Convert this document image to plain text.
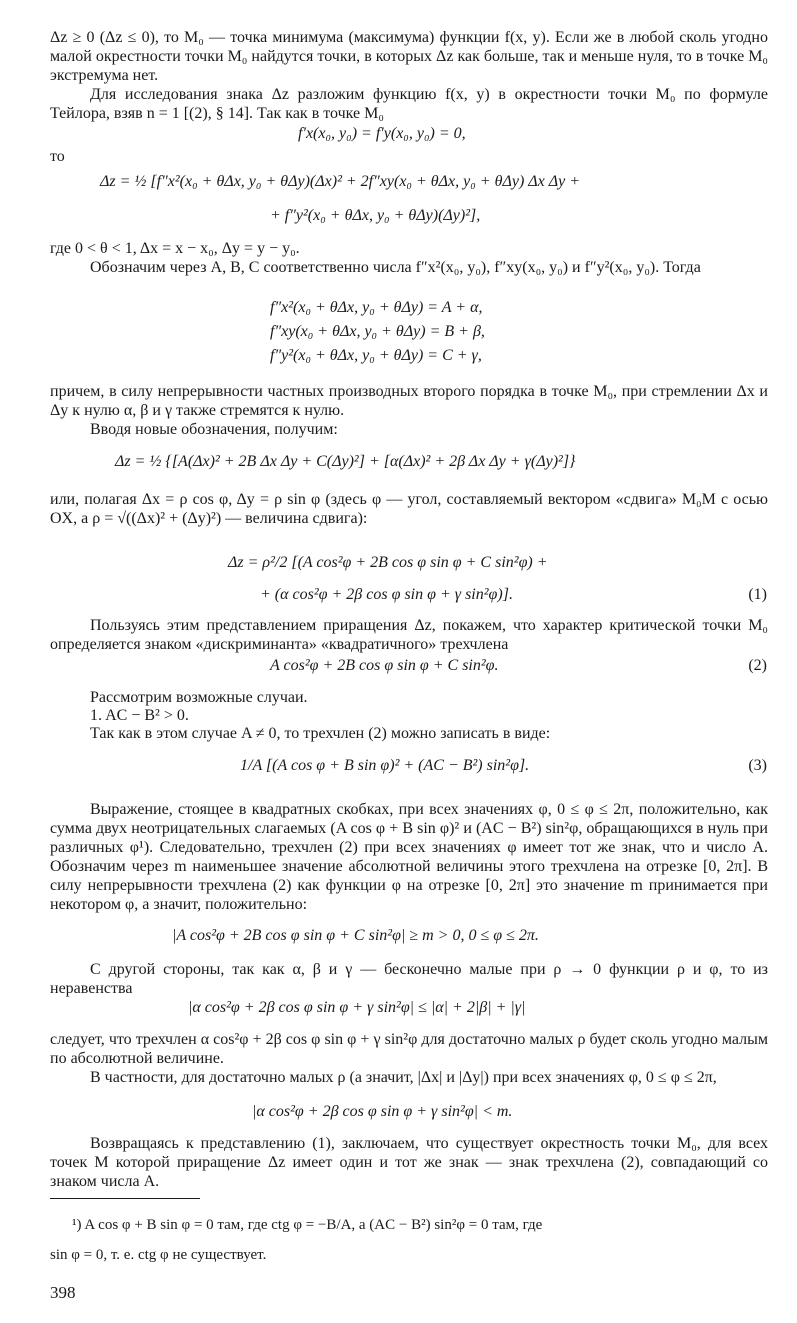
Δz ≥ 0 (Δz ≤ 0), то M₀ — точка минимума (максимума) функции f(x, y). Если же в любой сколь угодно малой окрестности точки M₀ найдутся точки, в которых Δz как больше, так и меньше нуля, то в точке M₀ экстремума нет.

Для исследования знака Δz разложим функцию f(x, y) в окрестности точки M₀ по формуле Тейлора, взяв n = 1 [(2), § 14]. Так как в точке M₀

f′x(x₀, y₀) = f′y(x₀, y₀) = 0,
то
Δz = ½ [f″x²(x₀ + θΔx, y₀ + θΔy)(Δx)² + 2f″xy(x₀ + θΔx, y₀ + θΔy) Δx Δy +
+ f″y²(x₀ + θΔx, y₀ + θΔy)(Δy)²],
где 0 < θ < 1, Δx = x − x₀, Δy = y − y₀.

Обозначим через A, B, C соответственно числа f″x²(x₀, y₀), f″xy(x₀, y₀) и f″y²(x₀, y₀). Тогда

f″x²(x₀ + θΔx, y₀ + θΔy) = A + α,
f″xy(x₀ + θΔx, y₀ + θΔy) = B + β,
f″y²(x₀ + θΔx, y₀ + θΔy) = C + γ,

причем, в силу непрерывности частных производных второго порядка в точке M₀, при стремлении Δx и Δy к нулю α, β и γ также стремятся к нулю.

Вводя новые обозначения, получим:

Δz = ½ {[A(Δx)² + 2B Δx Δy + C(Δy)²] + [α(Δx)² + 2β Δx Δy + γ(Δy)²]}

или, полагая Δx = ρ cos φ, Δy = ρ sin φ (здесь φ — угол, составляемый вектором «сдвига» M₀M с осью OX, а ρ = √((Δx)² + (Δy)²) — величина сдвига):

Δz = ρ²/2 [(A cos²φ + 2B cos φ sin φ + C sin²φ) +
+ (α cos²φ + 2β cos φ sin φ + γ sin²φ)].	(1)

Пользуясь этим представлением приращения Δz, покажем, что характер критической точки M₀ определяется знаком «дискриминанта» «квадратичного» трехчлена

A cos²φ + 2B cos φ sin φ + C sin²φ.	(2)
Рассмотрим возможные случаи.
1. AC − B² > 0.
Так как в этом случае A ≠ 0, то трехчлен (2) можно записать в виде:
1/A [(A cos φ + B sin φ)² + (AC − B²) sin²φ].	(3)

Выражение, стоящее в квадратных скобках, при всех значениях φ, 0 ≤ φ ≤ 2π, положительно, как сумма двух неотрицательных слагаемых (A cos φ + B sin φ)² и (AC − B²) sin²φ, обращающихся в нуль при различных φ¹). Следовательно, трехчлен (2) при всех значениях φ имеет тот же знак, что и число A. Обозначим через m наименьшее значение абсолютной величины этого трехчлена на отрезке [0, 2π]. В силу непрерывности трехчлена (2) как функции φ на отрезке [0, 2π] это значение m принимается при некотором φ, а значит, положительно:

|A cos²φ + 2B cos φ sin φ + C sin²φ| ≥ m > 0, 0 ≤ φ ≤ 2π.

С другой стороны, так как α, β и γ — бесконечно малые при ρ → 0 функции ρ и φ, то из неравенства

|α cos²φ + 2β cos φ sin φ + γ sin²φ| ≤ |α| + 2|β| + |γ|

следует, что трехчлен α cos²φ + 2β cos φ sin φ + γ sin²φ для достаточно малых ρ будет сколь угодно малым по абсолютной величине.

В частности, для достаточно малых ρ (а значит, |Δx| и |Δy|) при всех значениях φ, 0 ≤ φ ≤ 2π,

|α cos²φ + 2β cos φ sin φ + γ sin²φ| < m.

Возвращаясь к представлению (1), заключаем, что существует окрестность точки M₀, для всех точек M которой приращение Δz имеет один и тот же знак — знак трехчлена (2), совпадающий со знаком числа A.

¹) A cos φ + B sin φ = 0 там, где ctg φ = −B/A, а (AC − B²) sin²φ = 0 там, где
sin φ = 0, т. е. ctg φ не существует.
398
